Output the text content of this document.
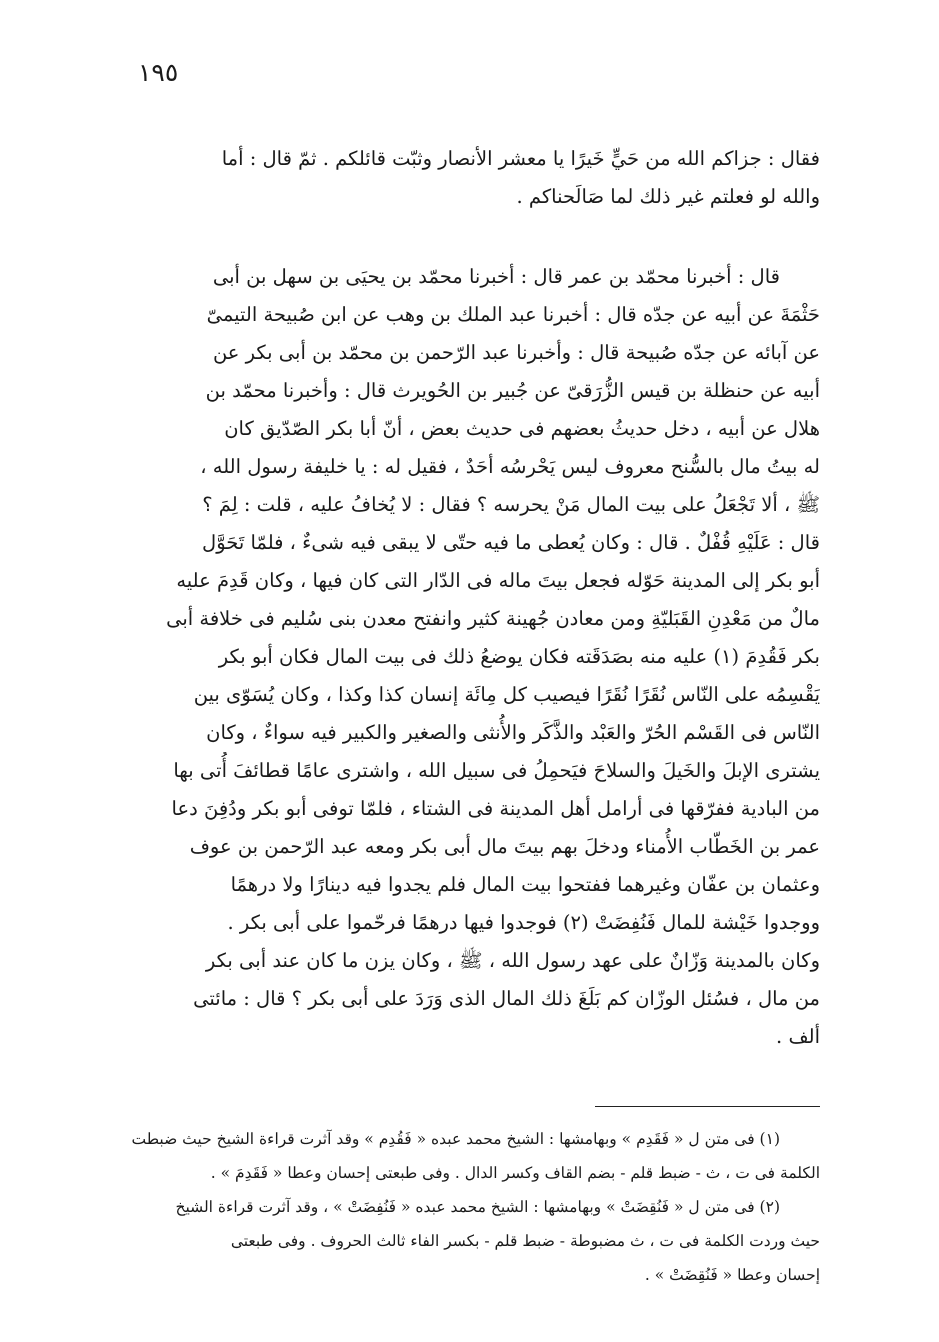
١٩٥
فقال : جزاكم الله من حَيٍّ خَيرًا يا معشر الأنصار وثبّت قائلكم . ثمّ قال : أما
والله لو فعلتم غير ذلك لما صَالَحناكم .
قال : أخبرنا محمّد بن عمر قال : أخبرنا محمّد بن يحيَى بن سهل بن أبى
حَثْمَةَ عن أبيه عن جدّه قال : أخبرنا عبد الملك بن وهب عن ابن صُبيحة التيمىّ
عن آبائه عن جدّه صُبيحة قال : وأخبرنا عبد الرّحمن بن محمّد بن أبى بكر عن
أبيه عن حنظلة بن قيس الزُّرَقىّ عن جُبير بن الحُويرث قال : وأخبرنا محمّد بن
هلال عن أبيه ، دخل حديثُ بعضهم فى حديث بعض ، أنّ أبا بكر الصّدّيق كان
له بيتُ مال بالسُّنح معروف ليس يَحْرسُه أحَدٌ ، فقيل له : يا خليفة رسول الله ،
ﷺ ، ألا تَجْعَلُ على بيت المال مَنْ يحرسه ؟ فقال : لا يُخافُ عليه ، قلت : لِمَ ؟
قال : عَلَيْهِ قُفْلٌ . قال : وكان يُعطى ما فيه حتّى لا يبقى فيه شىءٌ ، فلمّا تَحَوَّل
أبو بكر إلى المدينة حَوّله فجعل بيتَ ماله فى الدّار التى كان فيها ، وكان قَدِمَ عليه
مالٌ من مَعْدِنِ القَبَليّةِ ومن معادن جُهينة كثير وانفتح معدن بنى سُليم فى خلافة أبى
بكر فَقُدِمَ (١) عليه منه بصَدَقَته فكان يوضعُ ذلك فى بيت المال فكان أبو بكر
يَقْسِمُه على النّاس نُقَرًا نُقَرًا فيصيب كل مِائَة إنسان كذا وكذا ، وكان يُسَوّى بين
النّاس فى القَسْم الحُرّ والعَبْد والذَّكَر والأُنثى والصغير والكبير فيه سواءٌ ، وكان
يشترى الإبلَ والخَيلَ والسلاحَ فيَحمِلُ فى سبيل الله ، واشترى عامًا قطائفَ أُتى بها
من البادية ففرّقها فى أرامل أهل المدينة فى الشتاء ، فلمّا توفى أبو بكر ودُفِنَ دعا
عمر بن الخَطّاب الأُمناء ودخلَ بهم بيتَ مال أبى بكر ومعه عبد الرّحمن بن عوف
وعثمان بن عفّان وغيرهما ففتحوا بيت المال فلم يجدوا فيه دينارًا ولا درهمًا
ووجدوا خَيْشة للمال فَنُفِضَتْ (٢) فوجدوا فيها درهمًا فرحّموا على أبى بكر .
وكان بالمدينة وَزّانٌ على عهد رسول الله ، ﷺ ، وكان يزن ما كان عند أبى بكر
من مال ، فسُئل الوزّان كم بَلَغَ ذلك المال الذى وَرَدَ على أبى بكر ؟ قال : مائتى
ألف .
(١) فى متن ل « فَقَدِم » وبهامشها : الشيخ محمد عبده « فَقُدِم » وقد آثرت قراءة الشيخ حيث ضبطت
الكلمة فى ت ، ث - ضبط قلم - بضم القاف وكسر الدال . وفى طبعتى إحسان وعطا « فَقَدِمَ » .
(٢) فى متن ل « فَنُقِضَتْ » وبهامشها : الشيخ محمد عبده « فَنُفِضَتْ » ، وقد آثرت قراءة الشيخ
حيث وردت الكلمة فى ت ، ث مضبوطة - ضبط قلم - بكسر الفاء ثالث الحروف . وفى طبعتى
إحسان وعطا « فَنُقِضَتْ » .
